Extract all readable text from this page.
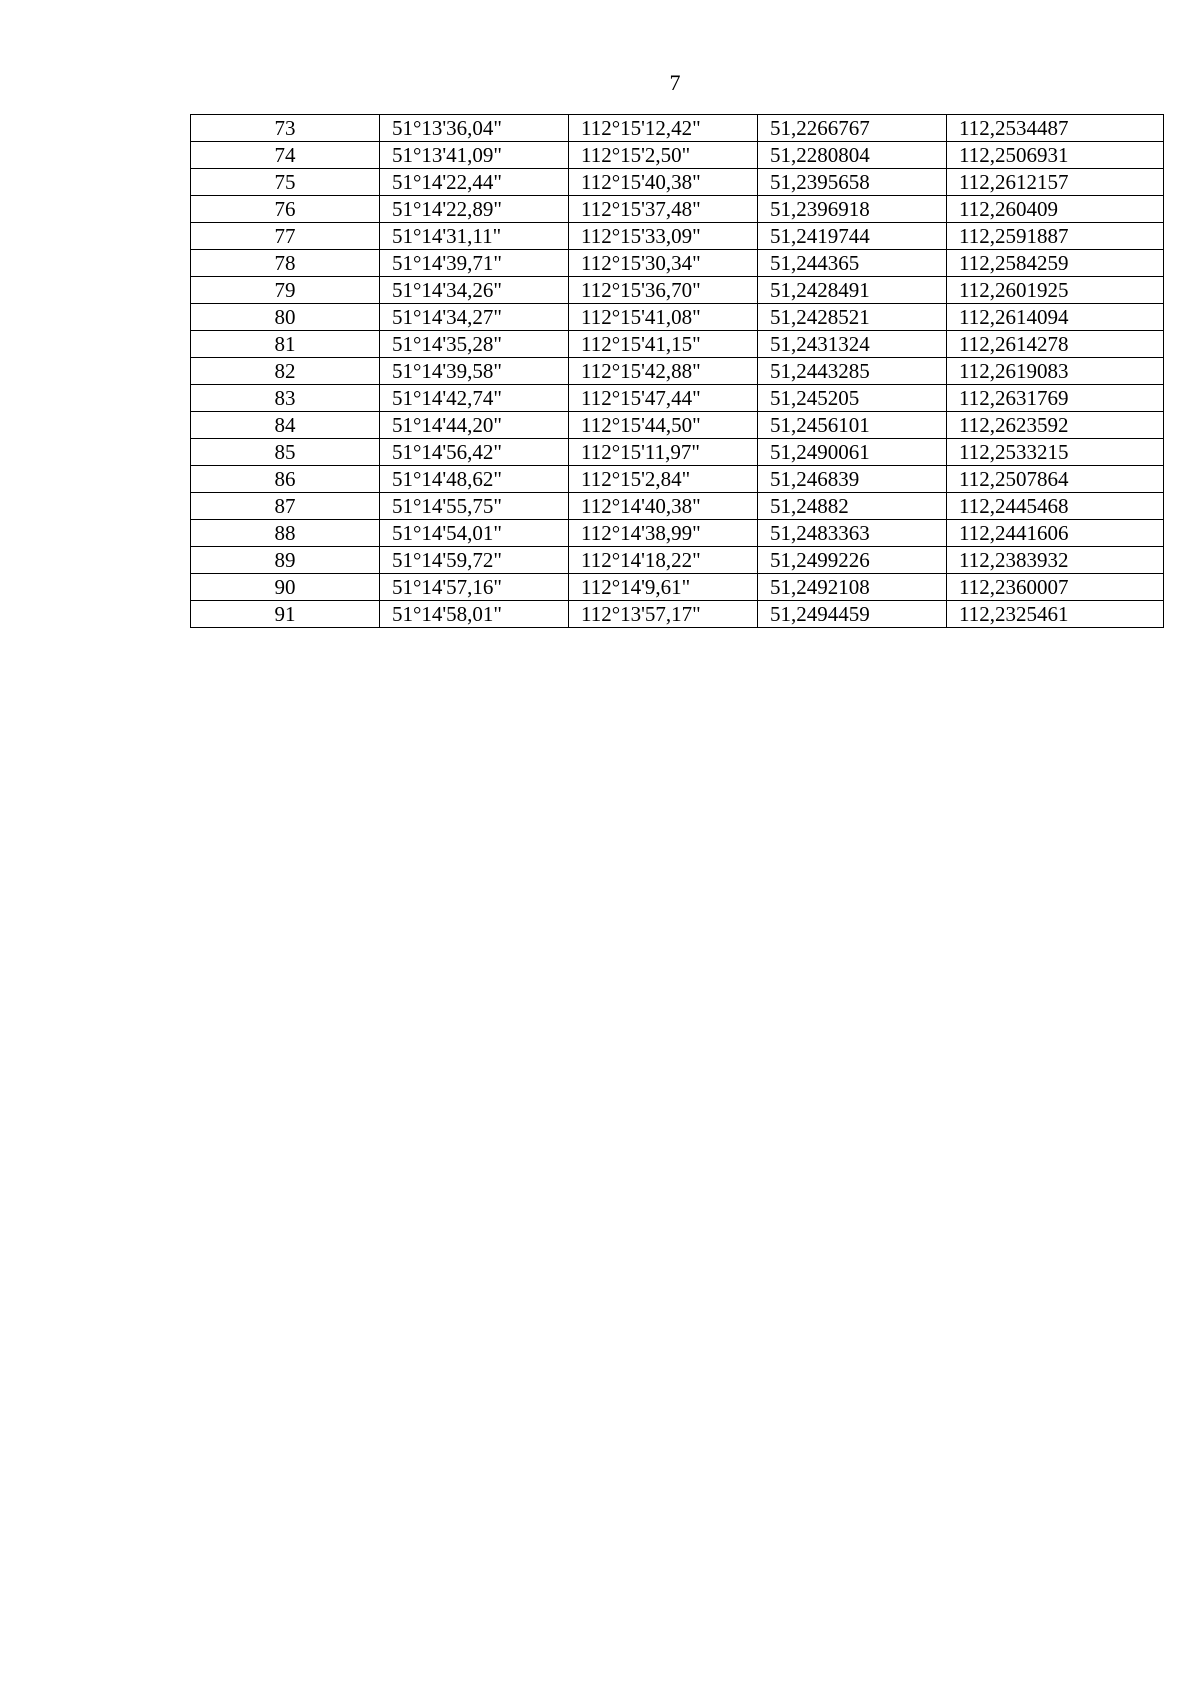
7
73	51°13'36,04"	112°15'12,42"	51,2266767	112,2534487
74	51°13'41,09"	112°15'2,50"	51,2280804	112,2506931
75	51°14'22,44"	112°15'40,38"	51,2395658	112,2612157
76	51°14'22,89"	112°15'37,48"	51,2396918	112,260409
77	51°14'31,11"	112°15'33,09"	51,2419744	112,2591887
78	51°14'39,71"	112°15'30,34"	51,244365	112,2584259
79	51°14'34,26"	112°15'36,70"	51,2428491	112,2601925
80	51°14'34,27"	112°15'41,08"	51,2428521	112,2614094
81	51°14'35,28"	112°15'41,15"	51,2431324	112,2614278
82	51°14'39,58"	112°15'42,88"	51,2443285	112,2619083
83	51°14'42,74"	112°15'47,44"	51,245205	112,2631769
84	51°14'44,20"	112°15'44,50"	51,2456101	112,2623592
85	51°14'56,42"	112°15'11,97"	51,2490061	112,2533215
86	51°14'48,62"	112°15'2,84"	51,246839	112,2507864
87	51°14'55,75"	112°14'40,38"	51,24882	112,2445468
88	51°14'54,01"	112°14'38,99"	51,2483363	112,2441606
89	51°14'59,72"	112°14'18,22"	51,2499226	112,2383932
90	51°14'57,16"	112°14'9,61"	51,2492108	112,2360007
91	51°14'58,01"	112°13'57,17"	51,2494459	112,2325461
